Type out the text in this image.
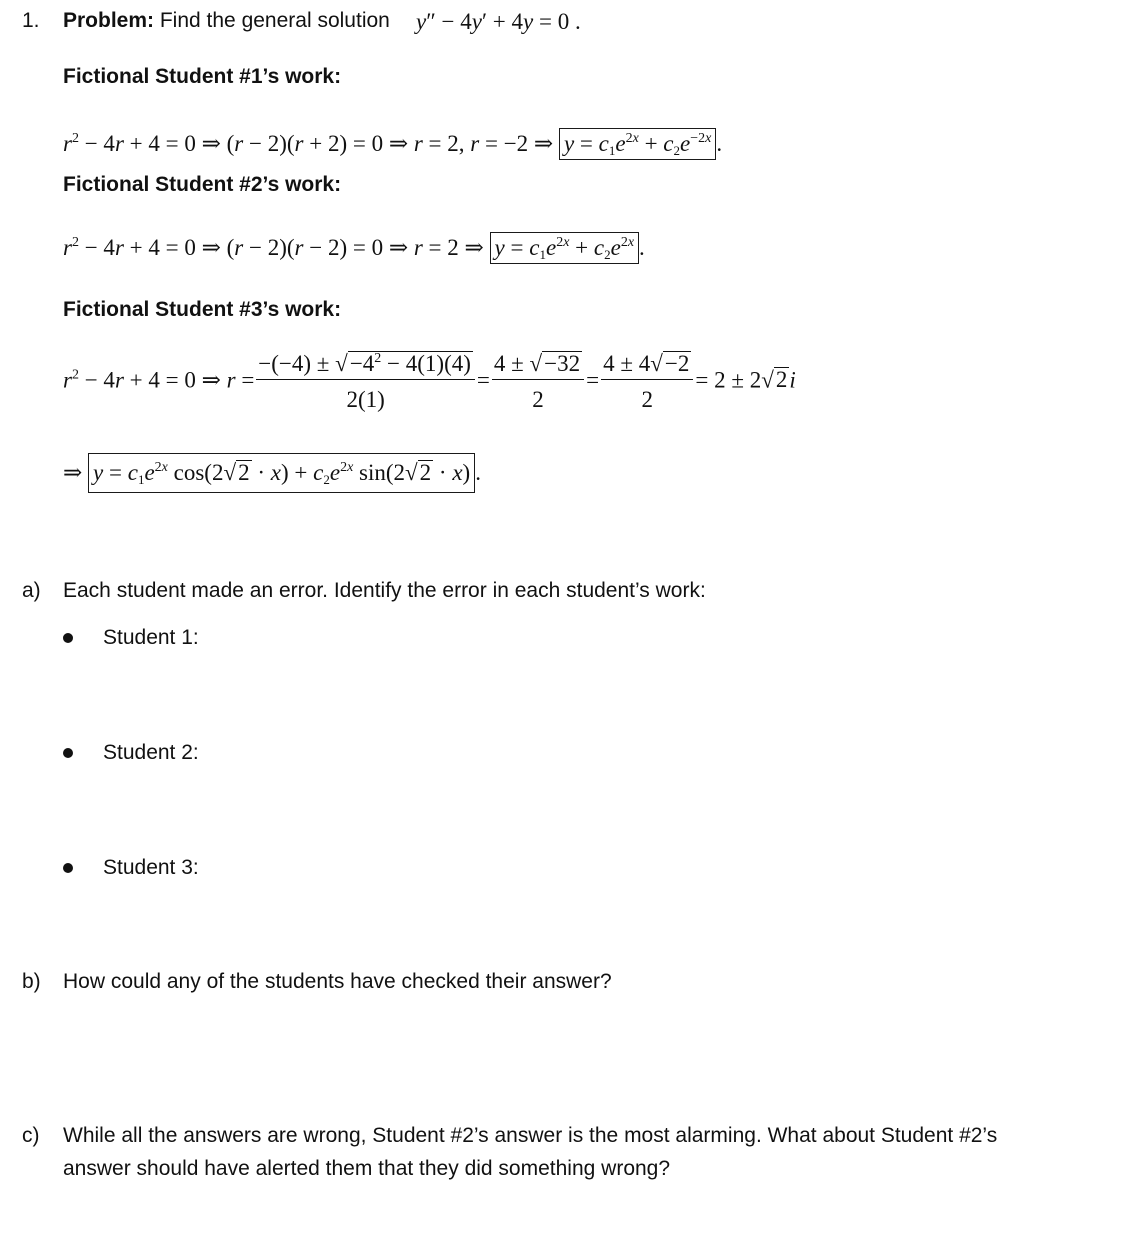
1. Problem: Find the general solution y″ − 4y′ + 4y = 0 .
Fictional Student #1’s work:
$r^2 - 4r + 4 = 0$ ⇒ (r − 2)(r + 2) = 0 ⇒ r = 2, r = −2 ⇒ $y = c_1e^{2x} + c_2e^{-2x}$ .
Fictional Student #2’s work:
$r^2 - 4r + 4 = 0$ ⇒ (r − 2)(r − 2) = 0 ⇒ r = 2 ⇒ $y = c_1e^{2x} + c_2e^{2x}$ .
Fictional Student #3’s work:
$r^2 - 4r + 4 = 0$ ⇒ $r = \frac{-(-4) \pm √-4^2 - 4(1)(4)}{2(1)} = \frac{4 \pm √-32}{2} = \frac{4 \pm 4√-2}{2} = 2 \pm 2√2i$
⇒ $y = c_1e^{2x}$ $\cos(2√2 \cdot x) + c_2e^{2x}$ sin(2√2 · x) .
a) Each student made an error. Identify the error in each student’s work:
Student 1:
Student 2:
Student 3:
b) How could any of the students have checked their answer?
c) While all the answers are wrong, Student #2’s answer is the most alarming. What about Student #2’s
answer should have alerted them that they did something wrong?
